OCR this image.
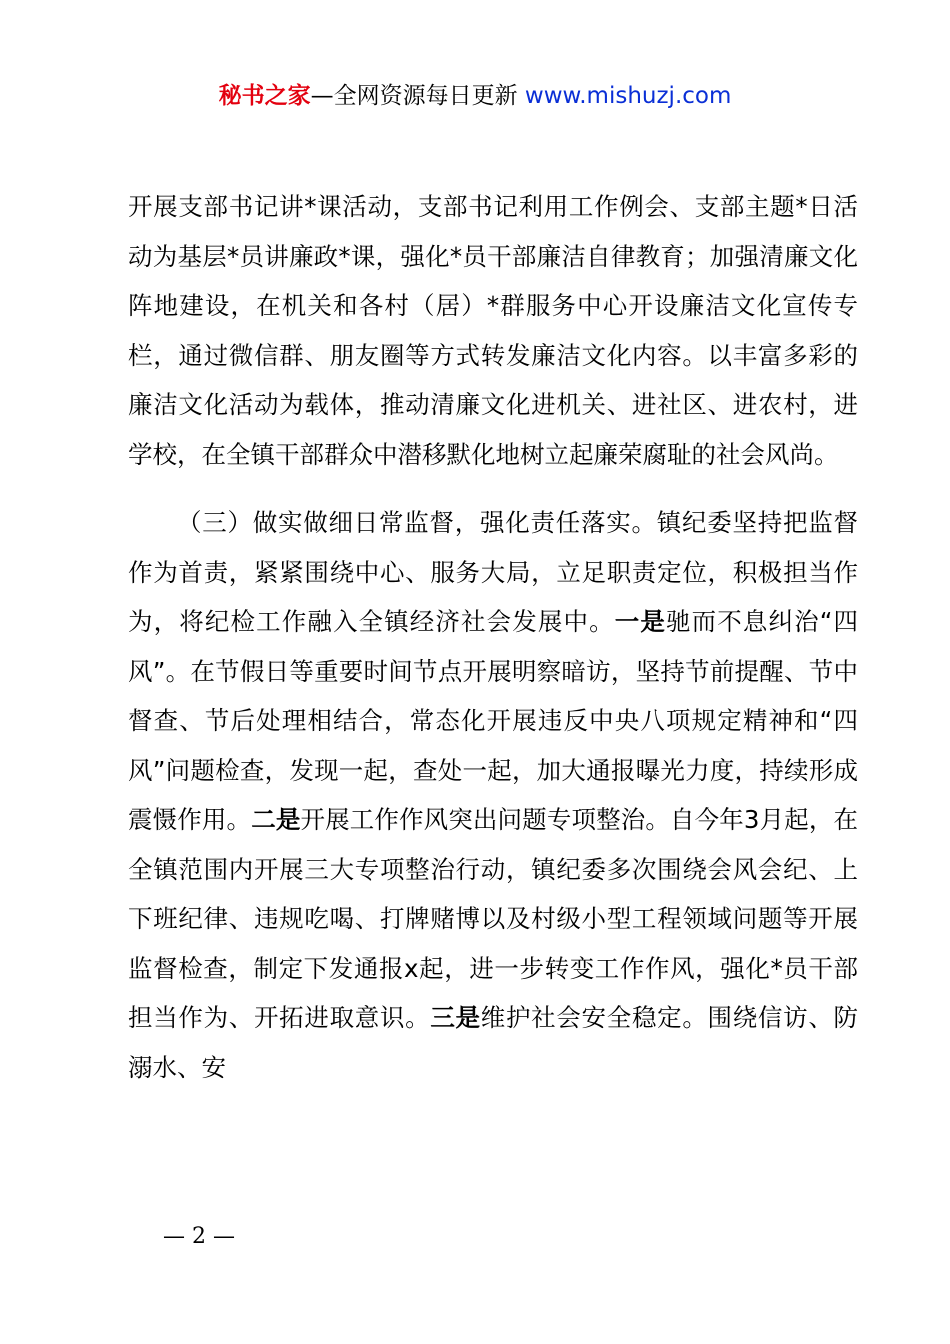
秘书之家—全网资源每日更新 www.mishuzj.com

开展支部书记讲*课活动，支部书记利用工作例会、支部主题*日活动为基层*员讲廉政*课，强化*员干部廉洁自律教育；加强清廉文化阵地建设，在机关和各村（居）*群服务中心开设廉洁文化宣传专栏，通过微信群、朋友圈等方式转发廉洁文化内容。以丰富多彩的廉洁文化活动为载体，推动清廉文化进机关、进社区、进农村，进学校，在全镇干部群众中潜移默化地树立起廉荣腐耻的社会风尚。

（三）做实做细日常监督，强化责任落实。镇纪委坚持把监督作为首责，紧紧围绕中心、服务大局，立足职责定位，积极担当作为，将纪检工作融入全镇经济社会发展中。一是驰而不息纠治“四风”。在节假日等重要时间节点开展明察暗访，坚持节前提醒、节中督查、节后处理相结合，常态化开展违反中央八项规定精神和“四风”问题检查，发现一起，查处一起，加大通报曝光力度，持续形成震慑作用。二是开展工作作风突出问题专项整治。自今年3月起，在全镇范围内开展三大专项整治行动，镇纪委多次围绕会风会纪、上下班纪律、违规吃喝、打牌赌博以及村级小型工程领域问题等开展监督检查，制定下发通报x起，进一步转变工作作风，强化*员干部担当作为、开拓进取意识。三是维护社会安全稳定。围绕信访、防溺水、安

— 2 —
